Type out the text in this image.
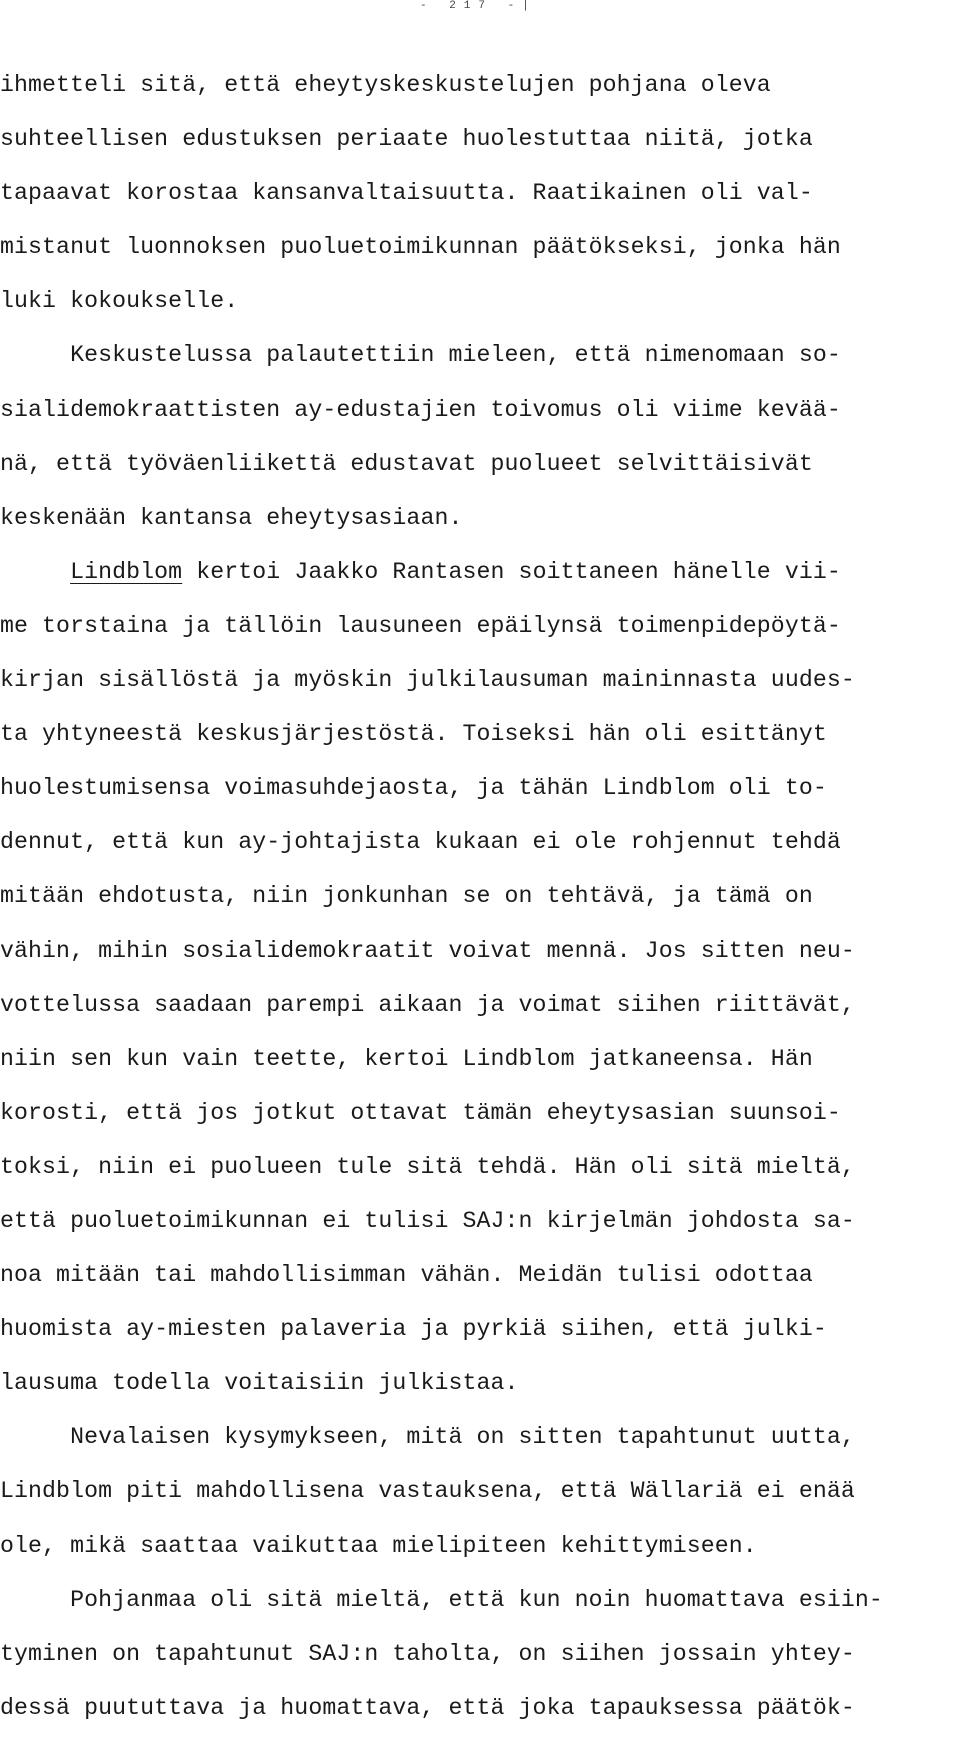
- 217 -|
ihmetteli sitä, että eheytyskeskustelujen pohjana oleva
suhteellisen edustuksen periaate huolestuttaa niitä, jotka
tapaavat korostaa kansanvaltaisuutta. Raatikainen oli val-
mistanut luonnoksen puoluetoimikunnan päätökseksi, jonka hän
luki kokoukselle.
Keskustelussa palautettiin mieleen, että nimenomaan so-
sialidemokraattisten ay-edustajien toivomus oli viime kevää-
nä, että työväenliikettä edustavat puolueet selvittäisivät
keskenään kantansa eheytysasiaan.
Lindblom kertoi Jaakko Rantasen soittaneen hänelle vii-
me torstaina ja tällöin lausuneen epäilynsä toimenpidepöytä-
kirjan sisällöstä ja myöskin julkilausuman maininnasta uudes-
ta yhtyneestä keskusjärjestöstä. Toiseksi hän oli esittänyt
huolestumisensa voimasuhdejaosta, ja tähän Lindblom oli to-
dennut, että kun ay-johtajista kukaan ei ole rohjennut tehdä
mitään ehdotusta, niin jonkunhan se on tehtävä, ja tämä on
vähin, mihin sosialidemokraatit voivat mennä. Jos sitten neu-
vottelussa saadaan parempi aikaan ja voimat siihen riittävät,
niin sen kun vain teette, kertoi Lindblom jatkaneensa. Hän
korosti, että jos jotkut ottavat tämän eheytysasian suunsoi-
toksi, niin ei puolueen tule sitä tehdä. Hän oli sitä mieltä,
että puoluetoimikunnan ei tulisi SAJ:n kirjelmän johdosta sa-
noa mitään tai mahdollisimman vähän. Meidän tulisi odottaa
huomista ay-miesten palaveria ja pyrkiä siihen, että julki-
lausuma todella voitaisiin julkistaa.
Nevalaisen kysymykseen, mitä on sitten tapahtunut uutta,
Lindblom piti mahdollisena vastauksena, että Wällariä ei enää
ole, mikä saattaa vaikuttaa mielipiteen kehittymiseen.
Pohjanmaa oli sitä mieltä, että kun noin huomattava esiin-
tyminen on tapahtunut SAJ:n taholta, on siihen jossain yhtey-
dessä puututtava ja huomattava, että joka tapauksessa päätök-
